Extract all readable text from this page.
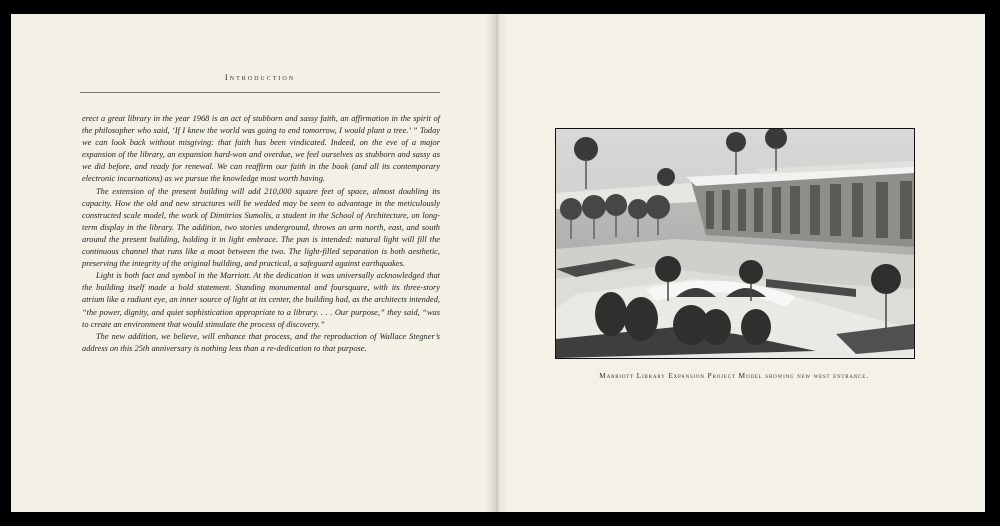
Introduction

erect a great library in the year 1968 is an act of stubborn and sassy faith, an affirmation in the spirit of the philosopher who said, ‘If I knew the world was going to end tomorrow, I would plant a tree.’ ” Today we can look back without misgiving: that faith has been vindicated. Indeed, on the eve of a major expansion of the library, an expansion hard-won and overdue, we feel ourselves as stubborn and sassy as we did before, and ready for renewal. We can reaffirm our faith in the book (and all its contemporary electronic incarnations) as we pursue the knowledge most worth having.

The extension of the present building will add 210,000 square feet of space, almost doubling its capacity. How the old and new structures will be wedded may be seen to advantage in the meticulously constructed scale model, the work of Dimitrios Sumolis, a student in the School of Architecture, on long-term display in the library. The addition, two stories underground, throws an arm north, east, and south around the present building, holding it in light embrace. The pun is intended: natural light will fill the continuous channel that runs like a moat between the two. The light-filled separation is both aesthetic, preserving the integrity of the original building, and practical, a safeguard against earthquakes.

Light is both fact and symbol in the Marriott. At the dedication it was universally acknowledged that the building itself made a bold statement. Standing monumental and foursquare, with its three-story atrium like a radiant eye, an inner source of light at its center, the building had, as the architects intended, “the power, dignity, and quiet sophistication appropriate to a library. . . . Our purpose,” they said, “was to create an environment that would stimulate the process of discovery.”

The new addition, we believe, will enhance that process, and the reproduction of Wallace Stegner’s address on this 25th anniversary is nothing less than a re-dedication to that purpose.

Marriott Library Expansion Project Model showing new west entrance.
